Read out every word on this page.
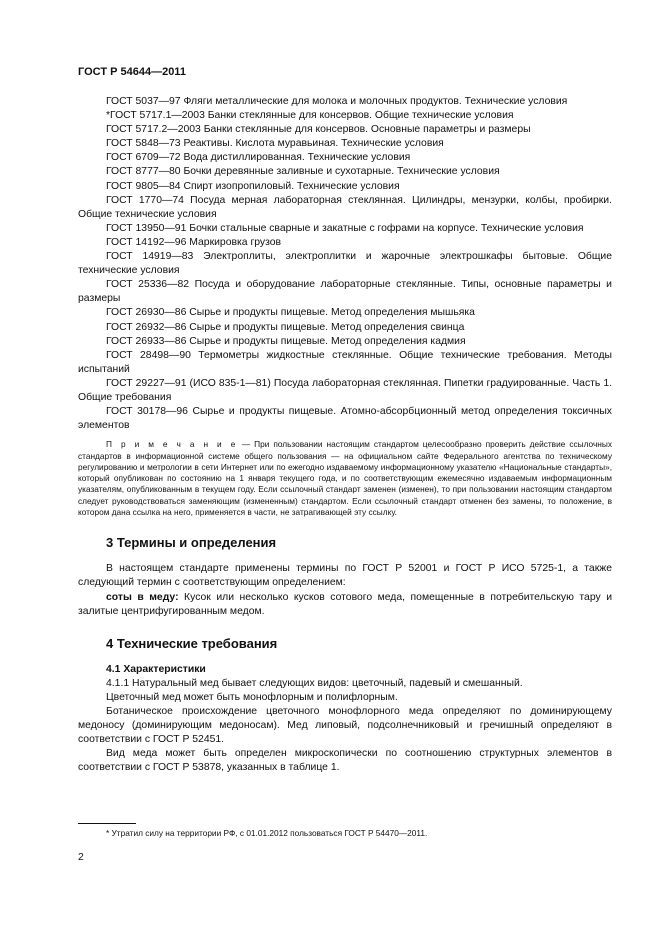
ГОСТ Р 54644—2011

ГОСТ 5037—97 Фляги металлические для молока и молочных продуктов. Технические условия

*ГОСТ 5717.1—2003 Банки стеклянные для консервов. Общие технические условия

ГОСТ 5717.2—2003 Банки стеклянные для консервов. Основные параметры и размеры

ГОСТ 5848—73 Реактивы. Кислота муравьиная. Технические условия

ГОСТ 6709—72 Вода дистиллированная. Технические условия

ГОСТ 8777—80 Бочки деревянные заливные и сухотарные. Технические условия

ГОСТ 9805—84 Спирт изопропиловый. Технические условия

ГОСТ 1770—74 Посуда мерная лабораторная стеклянная. Цилиндры, мензурки, колбы, пробирки. Общие технические условия

ГОСТ 13950—91 Бочки стальные сварные и закатные с гофрами на корпусе. Технические условия

ГОСТ 14192—96 Маркировка грузов

ГОСТ 14919—83 Электроплиты, электроплитки и жарочные электрошкафы бытовые. Общие технические условия

ГОСТ 25336—82 Посуда и оборудование лабораторные стеклянные. Типы, основные параметры и размеры

ГОСТ 26930—86 Сырье и продукты пищевые. Метод определения мышьяка

ГОСТ 26932—86 Сырье и продукты пищевые. Метод определения свинца

ГОСТ 26933—86 Сырье и продукты пищевые. Метод определения кадмия

ГОСТ 28498—90 Термометры жидкостные стеклянные. Общие технические требования. Методы испытаний

ГОСТ 29227—91 (ИСО 835-1—81) Посуда лабораторная стеклянная. Пипетки градуированные. Часть 1. Общие требования

ГОСТ 30178—96 Сырье и продукты пищевые. Атомно-абсорбционный метод определения токсичных элементов

П р и м е ч а н и е — При пользовании настоящим стандартом целесообразно проверить действие ссылочных стандартов в информационной системе общего пользования — на официальном сайте Федерального агентства по техническому регулированию и метрологии в сети Интернет или по ежегодно издаваемому информационному указателю «Национальные стандарты», который опубликован по состоянию на 1 января текущего года, и по соответствующим ежемесячно издаваемым информационным указателям, опубликованным в текущем году. Если ссылочный стандарт заменен (изменен), то при пользовании настоящим стандартом следует руководствоваться заменяющим (измененным) стандартом. Если ссылочный стандарт отменен без замены, то положение, в котором дана ссылка на него, применяется в части, не затрагивающей эту ссылку.

3 Термины и определения

В настоящем стандарте применены термины по ГОСТ Р 52001 и ГОСТ Р ИСО 5725-1, а также следующий термин с соответствующим определением:

соты в меду: Кусок или несколько кусков сотового меда, помещенные в потребительскую тару и залитые центрифугированным медом.

4 Технические требования
4.1 Характеристики

4.1.1 Натуральный мед бывает следующих видов: цветочный, падевый и смешанный.

Цветочный мед может быть монофлорным и полифлорным.

Ботаническое происхождение цветочного монофлорного меда определяют по доминирующему медоносу (доминирующим медоносам). Мед липовый, подсолнечниковый и гречишный определяют в соответствии с ГОСТ Р 52451.

Вид меда может быть определен микроскопически по соотношению структурных элементов в соответствии с ГОСТ Р 53878, указанных в таблице 1.

* Утратил силу на территории РФ, с 01.01.2012 пользоваться ГОСТ Р 54470—2011.
2
